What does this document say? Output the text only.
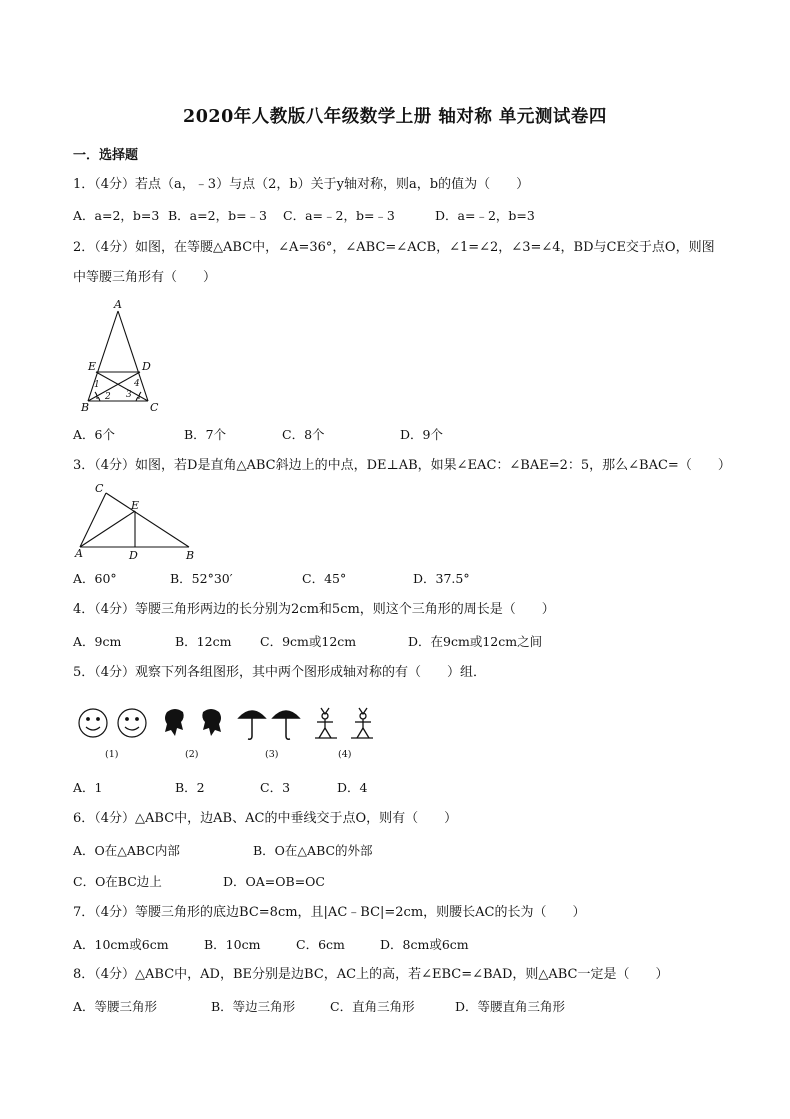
2020年人教版八年级数学上册 轴对称 单元测试卷四
一．选择题
1．（4分）若点（a，﹣3）与点（2，b）关于y轴对称，则a，b的值为（　　）
A．a=2，b=3 B．a=2，b=﹣3 C．a=﹣2，b=﹣3	D．a=﹣2，b=3
2．（4分）如图，在等腰△ABC中，∠A=36°，∠ABC=∠ACB，∠1=∠2，∠3=∠4，BD与CE交于点O，则图
中等腰三角形有（　　）
A
E	D
B	C
1
2 3
4
A．6个	B．7个	C．8个	D．9个
3．（4分）如图，若D是直角△ABC斜边上的中点，DE⊥AB，如果∠EAC：∠BAE=2：5，那么∠BAC=（　　）
C
E
A	D	B
A．60°	B．52°30′	C．45°	D．37.5°
4．（4分）等腰三角形两边的长分别为2cm和5cm，则这个三角形的周长是（　　）
A．9cm	B．12cm C．9cm或12cm	D．在9cm或12cm之间
5．（4分）观察下列各组图形，其中两个图形成轴对称的有（　　）组．
(1)	(2)	(3)	(4)
A．1	B．2	C．3	D．4
6．（4分）△ABC中，边AB、AC的中垂线交于点O，则有（　　）
A．O在△ABC内部	B．O在△ABC的外部
C．O在BC边上	D．OA=OB=OC
7．（4分）等腰三角形的底边BC=8cm，且|AC﹣BC|=2cm，则腰长AC的长为（　　）
A．10cm或6cm	B．10cm	C．6cm	D．8cm或6cm
8．（4分）△ABC中，AD，BE分别是边BC，AC上的高，若∠EBC=∠BAD，则△ABC一定是（　　）
A．等腰三角形	B．等边三角形	C．直角三角形	D．等腰直角三角形
